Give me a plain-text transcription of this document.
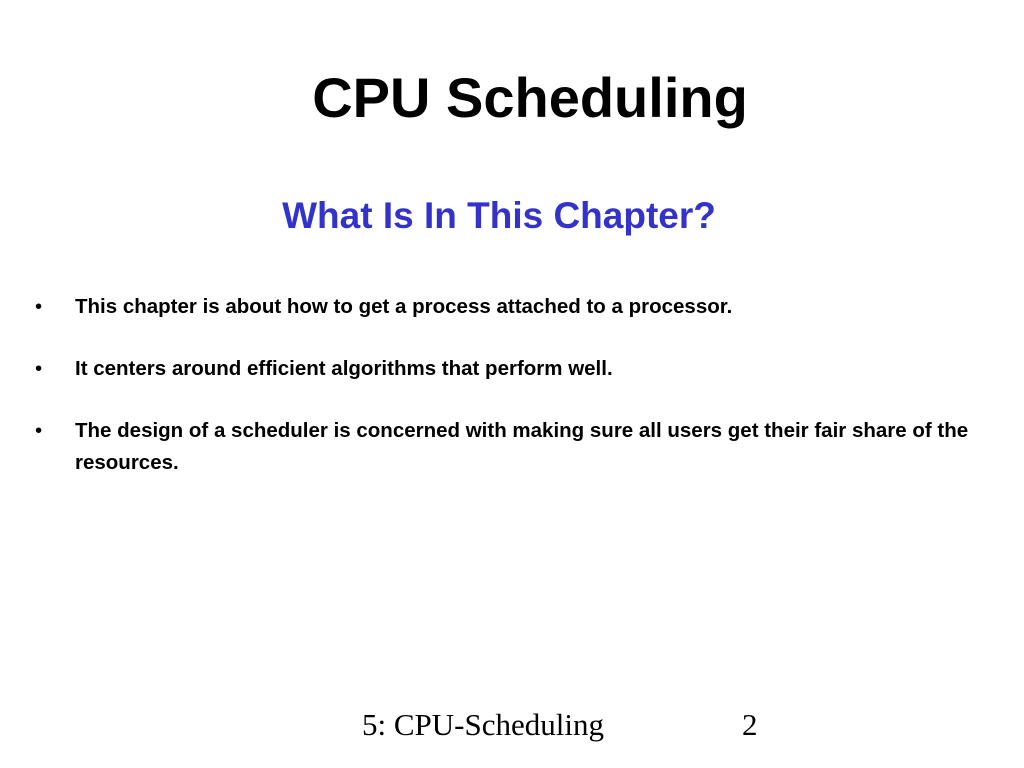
CPU Scheduling
What Is In This Chapter?
• This chapter is about how to get a process attached to a processor.
• It centers around efficient algorithms that perform well.
• The design of a scheduler is concerned with making sure all users get their fair share of the resources.
5: CPU-Scheduling	2
